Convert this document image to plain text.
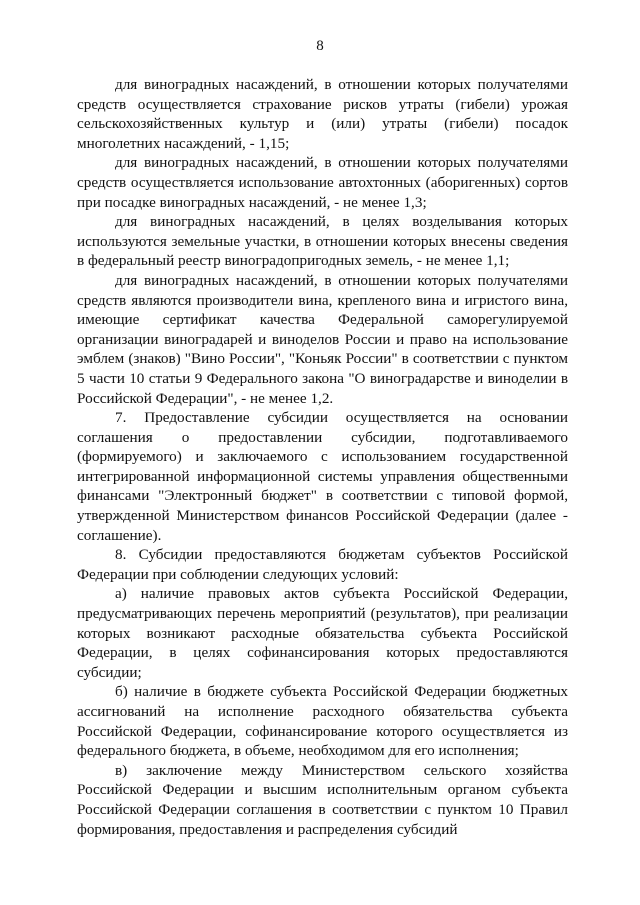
8

для виноградных насаждений, в отношении которых получателями средств осуществляется страхование рисков утраты (гибели) урожая сельскохозяйственных культур и (или) утраты (гибели) посадок многолетних насаждений, - 1,15;

для виноградных насаждений, в отношении которых получателями средств осуществляется использование автохтонных (аборигенных) сортов при посадке виноградных насаждений, - не менее 1,3;

для виноградных насаждений, в целях возделывания которых используются земельные участки, в отношении которых внесены сведения в федеральный реестр виноградопригодных земель, - не менее 1,1;

для виноградных насаждений, в отношении которых получателями средств являются производители вина, крепленого вина и игристого вина, имеющие сертификат качества Федеральной саморегулируемой организации виноградарей и виноделов России и право на использование эмблем (знаков) "Вино России", "Коньяк России" в соответствии с пунктом 5 части 10 статьи 9 Федерального закона "О виноградарстве и виноделии в Российской Федерации", - не менее 1,2.

7. Предоставление субсидии осуществляется на основании соглашения о предоставлении субсидии, подготавливаемого (формируемого) и заключаемого с использованием государственной интегрированной информационной системы управления общественными финансами "Электронный бюджет" в соответствии с типовой формой, утвержденной Министерством финансов Российской Федерации (далее - соглашение).

8. Субсидии предоставляются бюджетам субъектов Российской Федерации при соблюдении следующих условий:

а) наличие правовых актов субъекта Российской Федерации, предусматривающих перечень мероприятий (результатов), при реализации которых возникают расходные обязательства субъекта Российской Федерации, в целях софинансирования которых предоставляются субсидии;

б) наличие в бюджете субъекта Российской Федерации бюджетных ассигнований на исполнение расходного обязательства субъекта Российской Федерации, софинансирование которого осуществляется из федерального бюджета, в объеме, необходимом для его исполнения;

в) заключение между Министерством сельского хозяйства Российской Федерации и высшим исполнительным органом субъекта Российской Федерации соглашения в соответствии с пунктом 10 Правил формирования, предоставления и распределения субсидий
